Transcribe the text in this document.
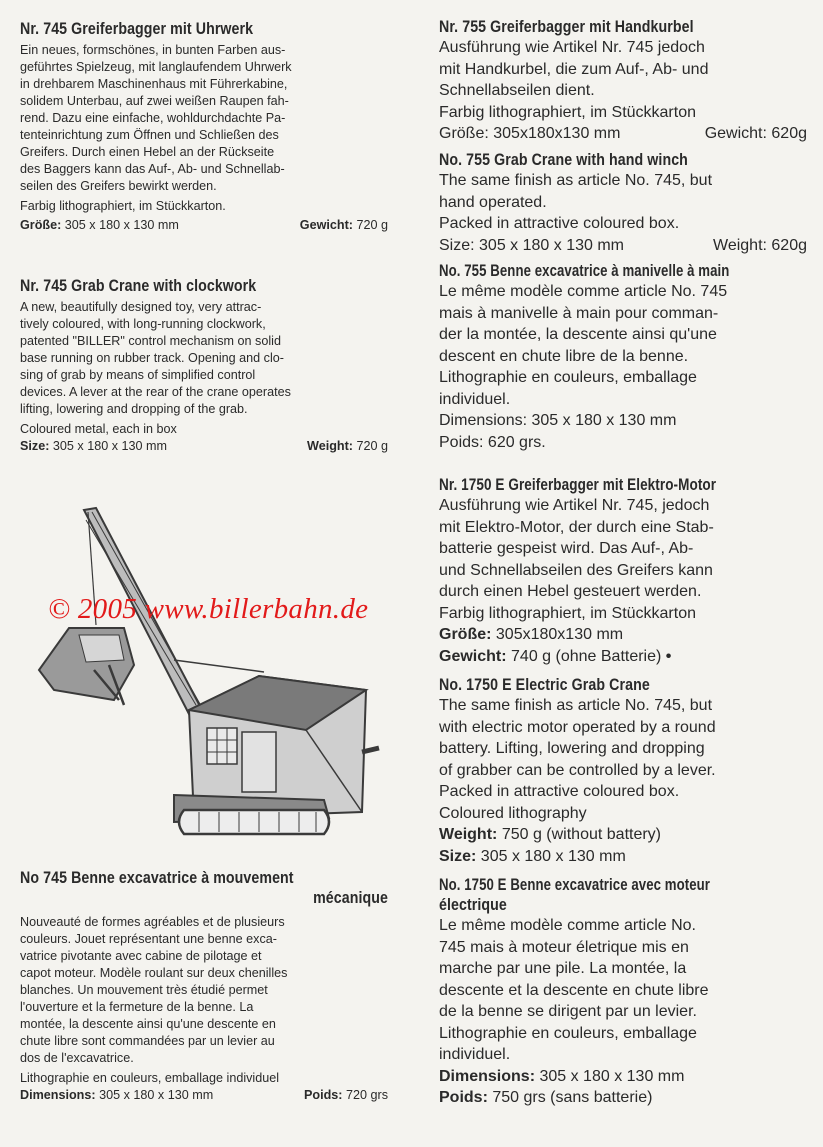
Nr. 745 Greiferbagger mit Uhrwerk

Ein neues, formschönes, in bunten Farben aus-

geführtes Spielzeug, mit langlaufendem Uhrwerk

in drehbarem Maschinenhaus mit Führerkabine,

solidem Unterbau, auf zwei weißen Raupen fah-

rend. Dazu eine einfache, wohldurchdachte Pa-

tenteinrichtung zum Öffnen und Schließen des

Greifers. Durch einen Hebel an der Rückseite

des Baggers kann das Auf-, Ab- und Schnellab-

seilen des Greifers bewirkt werden.

Farbig lithographiert, im Stückkarton.

Größe: 305 x 180 x 130 mm	Gewicht: 720 g

Nr. 745 Grab Crane with clockwork

A new, beautifully designed toy, very attrac-

tively coloured, with long-running clockwork,

patented "BILLER" control mechanism on solid

base running on rubber track. Opening and clo-

sing of grab by means of simplified control

devices. A lever at the rear of the crane operates

lifting, lowering and dropping of the grab.

Coloured metal, each in box

Size: 305 x 180 x 130 mm	Weight: 720 g

No 745 Benne excavatrice à mouvement
mécanique

Nouveauté de formes agréables et de plusieurs

couleurs. Jouet représentant une benne exca-

vatrice pivotante avec cabine de pilotage et

capot moteur. Modèle roulant sur deux chenilles

blanches. Un mouvement très étudié permet

l'ouverture et la fermeture de la benne. La

montée, la descente ainsi qu'une descente en

chute libre sont commandées par un levier au

dos de l'excavatrice.

Lithographie en couleurs, emballage individuel

Dimensions: 305 x 180 x 130 mm	Poids: 720 grs

© 2005 www.billerbahn.de
Nr. 755 Greiferbagger mit Handkurbel

Ausführung wie Artikel Nr. 745 jedoch

mit Handkurbel, die zum Auf-, Ab- und

Schnellabseilen dient.

Farbig lithographiert, im Stückkarton

Größe: 305x180x130 mm	Gewicht: 620g

No. 755 Grab Crane with hand winch

The same finish as article No. 745, but

hand operated.

Packed in attractive coloured box.

Size: 305 x 180 x 130 mm	Weight: 620g

No. 755 Benne excavatrice à manivelle à main

Le même modèle comme article No. 745

mais à manivelle à main pour comman-

der la montée, la descente ainsi qu'une

descent en chute libre de la benne.

Lithographie en couleurs, emballage

individuel.

Dimensions: 305 x 180 x 130 mm

Poids: 620 grs.

Nr. 1750 E Greiferbagger mit Elektro-Motor

Ausführung wie Artikel Nr. 745, jedoch

mit Elektro-Motor, der durch eine Stab-

batterie gespeist wird. Das Auf-, Ab-

und Schnellabseilen des Greifers kann

durch einen Hebel gesteuert werden.

Farbig lithographiert, im Stückkarton

Größe: 305x180x130 mm

Gewicht: 740 g (ohne Batterie) •

No. 1750 E Electric Grab Crane

The same finish as article No. 745, but

with electric motor operated by a round

battery. Lifting, lowering and dropping

of grabber can be controlled by a lever.

Packed in attractive coloured box.

Coloured lithography

Weight: 750 g (without battery)

Size: 305 x 180 x 130 mm

No. 1750 E Benne excavatrice avec moteur
électrique

Le même modèle comme article No.

745 mais à moteur életrique mis en

marche par une pile. La montée, la

descente et la descente en chute libre

de la benne se dirigent par un levier.

Lithographie en couleurs, emballage

individuel.

Dimensions: 305 x 180 x 130 mm

Poids: 750 grs (sans batterie)
